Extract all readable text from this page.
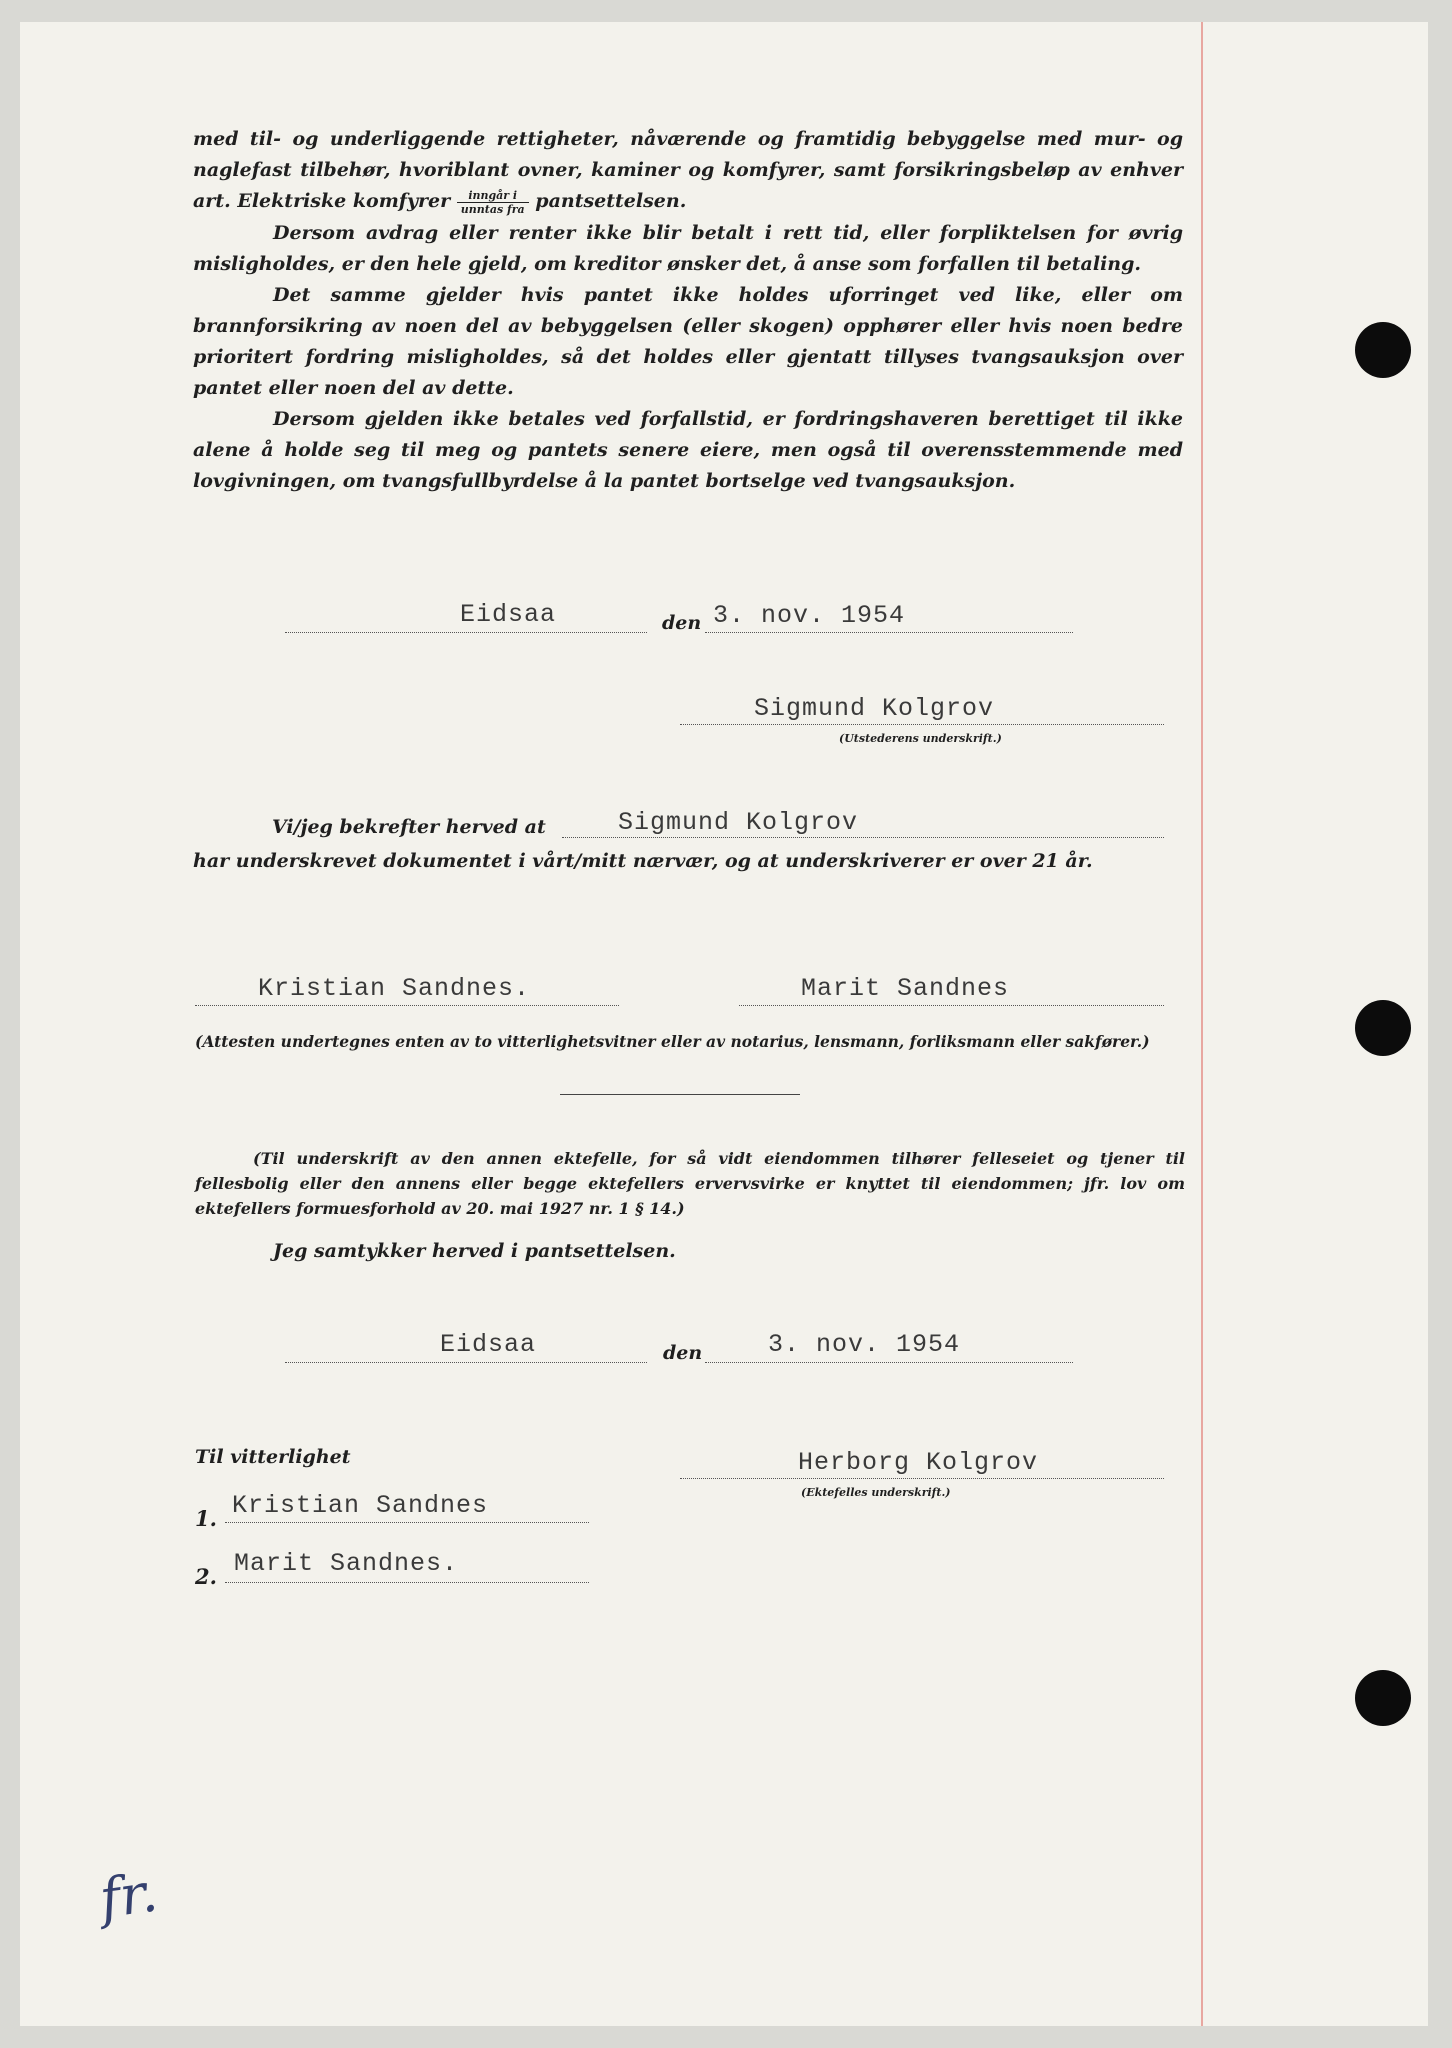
med til- og underliggende rettigheter, nåværende og framtidig bebyggelse med mur- og naglefast tilbehør, hvoriblant ovner, kaminer og komfyrer, samt forsikringsbeløp av enhver art. Elektriske komfyrer $\frac{\text{inngår i}}{\text{unntas fra}}$ pantsettelsen.
Dersom avdrag eller renter ikke blir betalt i rett tid, eller forpliktelsen for øvrig misligholdes, er den hele gjeld, om kreditor ønsker det, å anse som forfallen til betaling.
Det samme gjelder hvis pantet ikke holdes uforringet ved like, eller om brannforsikring av noen del av bebyggelsen (eller skogen) opphører eller hvis noen bedre prioritert fordring misligholdes, så det holdes eller gjentatt tillyses tvangsauksjon over pantet eller noen del av dette.
Dersom gjelden ikke betales ved forfallstid, er fordringshaveren berettiget til ikke alene å holde seg til meg og pantets senere eiere, men også til overensstemmende med lovgivningen, om tvangsfullbyrdelse å la pantet bortselge ved tvangsauksjon.
Eidsaa	den 3. nov. 1954
Sigmund Kolgrov
(Utstederens underskrift.)
Vi/jeg bekrefter herved at	Sigmund Kolgrov
har underskrevet dokumentet i vårt/mitt nærvær, og at underskriverer er over 21 år.
Kristian Sandnes.	Marit Sandnes
(Attesten undertegnes enten av to vitterlighetsvitner eller av notarius, lensmann, forliksmann eller sakfører.)
(Til underskrift av den annen ektefelle, for så vidt eiendommen tilhører felleseiet og tjener til fellesbolig eller den annens eller begge ektefellers ervervsvirke er knyttet til eiendommen; jfr. lov om ektefellers formuesforhold av 20. mai 1927 nr. 1 § 14.)
Jeg samtykker herved i pantsettelsen.
Eidsaa	den	3. nov. 1954
Til vitterlighet	Herborg Kolgrov
(Ektefelles underskrift.)
1. Kristian Sandnes
2. Marit Sandnes.
fr.
